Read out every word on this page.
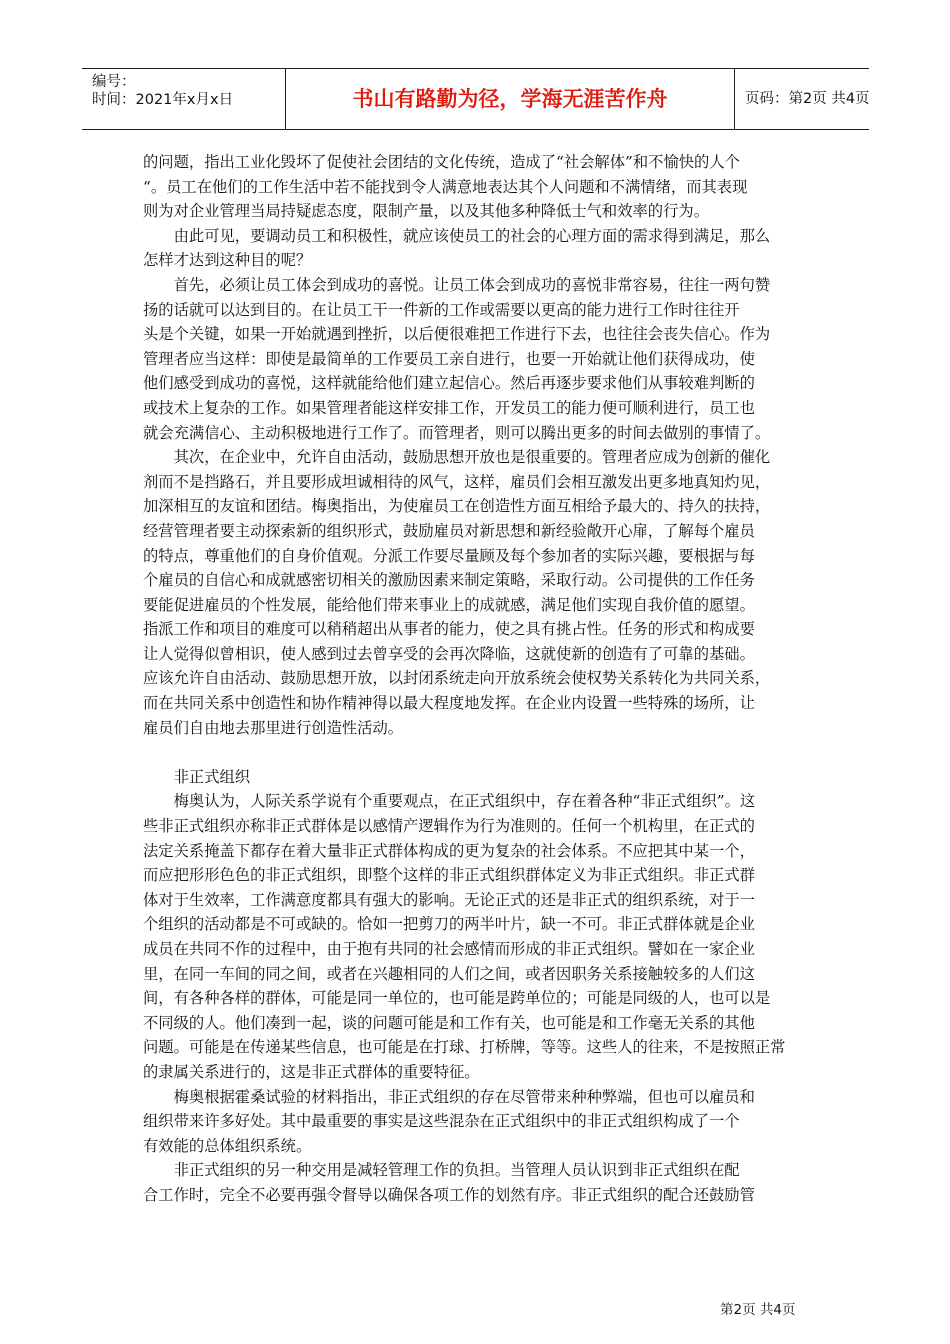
编号：
时间：2021年x月x日	书山有路勤为径，学海无涯苦作舟	页码：第2页 共4页
的问题，指出工业化毁坏了促使社会团结的文化传统，造成了“社会解体”和不愉快的人个
“。员工在他们的工作生活中若不能找到令人满意地表达其个人问题和不满情绪，而其表现
则为对企业管理当局持疑虑态度，限制产量，以及其他多种降低士气和效率的行为。
　　由此可见，要调动员工和积极性，就应该使员工的社会的心理方面的需求得到满足，那么
怎样才达到这种目的呢？
　　首先，必须让员工体会到成功的喜悦。让员工体会到成功的喜悦非常容易，往往一两句赞
扬的话就可以达到目的。在让员工干一件新的工作或需要以更高的能力进行工作时往往开
头是个关键，如果一开始就遇到挫折，以后便很难把工作进行下去，也往往会丧失信心。作为
管理者应当这样：即使是最简单的工作要员工亲自进行，也要一开始就让他们获得成功，使
他们感受到成功的喜悦，这样就能给他们建立起信心。然后再逐步要求他们从事较难判断的
或技术上复杂的工作。如果管理者能这样安排工作，开发员工的能力便可顺利进行，员工也
就会充满信心、主动积极地进行工作了。而管理者，则可以腾出更多的时间去做别的事情了。
　　其次，在企业中，允许自由活动，鼓励思想开放也是很重要的。管理者应成为创新的催化
剂而不是挡路石，并且要形成坦诚相待的风气，这样，雇员们会相互激发出更多地真知灼见，
加深相互的友谊和团结。梅奥指出，为使雇员工在创造性方面互相给予最大的、持久的扶持，
经营管理者要主动探索新的组织形式，鼓励雇员对新思想和新经验敞开心扉，了解每个雇员
的特点，尊重他们的自身价值观。分派工作要尽量顾及每个参加者的实际兴趣，要根据与每
个雇员的自信心和成就感密切相关的激励因素来制定策略，采取行动。公司提供的工作任务
要能促进雇员的个性发展，能给他们带来事业上的成就感，满足他们实现自我价值的愿望。
指派工作和项目的难度可以稍稍超出从事者的能力，使之具有挑占性。任务的形式和构成要
让人觉得似曾相识，使人感到过去曾享受的会再次降临，这就使新的创造有了可靠的基础。
应该允许自由活动、鼓励思想开放，以封闭系统走向开放系统会使权势关系转化为共同关系，
而在共同关系中创造性和协作精神得以最大程度地发挥。在企业内设置一些特殊的场所，让
雇员们自由地去那里进行创造性活动。
　　非正式组织
　　梅奥认为，人际关系学说有个重要观点，在正式组织中，存在着各种“非正式组织”。这
些非正式组织亦称非正式群体是以感情产逻辑作为行为准则的。任何一个机构里，在正式的
法定关系掩盖下都存在着大量非正式群体构成的更为复杂的社会体系。不应把其中某一个，
而应把形形色色的非正式组织，即整个这样的非正式组织群体定义为非正式组织。非正式群
体对于生效率，工作满意度都具有强大的影响。无论正式的还是非正式的组织系统，对于一
个组织的活动都是不可或缺的。恰如一把剪刀的两半叶片，缺一不可。非正式群体就是企业
成员在共同不作的过程中，由于抱有共同的社会感情而形成的非正式组织。譬如在一家企业
里，在同一车间的同之间，或者在兴趣相同的人们之间，或者因职务关系接触较多的人们这
间，有各种各样的群体，可能是同一单位的，也可能是跨单位的；可能是同级的人，也可以是
不同级的人。他们凑到一起，谈的问题可能是和工作有关，也可能是和工作毫无关系的其他
问题。可能是在传递某些信息，也可能是在打球、打桥牌，等等。这些人的往来，不是按照正常
的隶属关系进行的，这是非正式群体的重要特征。
　　梅奥根据霍桑试验的材料指出，非正式组织的存在尽管带来种种弊端，但也可以雇员和
组织带来许多好处。其中最重要的事实是这些混杂在正式组织中的非正式组织构成了一个
有效能的总体组织系统。
　　非正式组织的另一种交用是减轻管理工作的负担。当管理人员认识到非正式组织在配
合工作时，完全不必要再强令督导以确保各项工作的划然有序。非正式组织的配合还鼓励管
第2页 共4页
